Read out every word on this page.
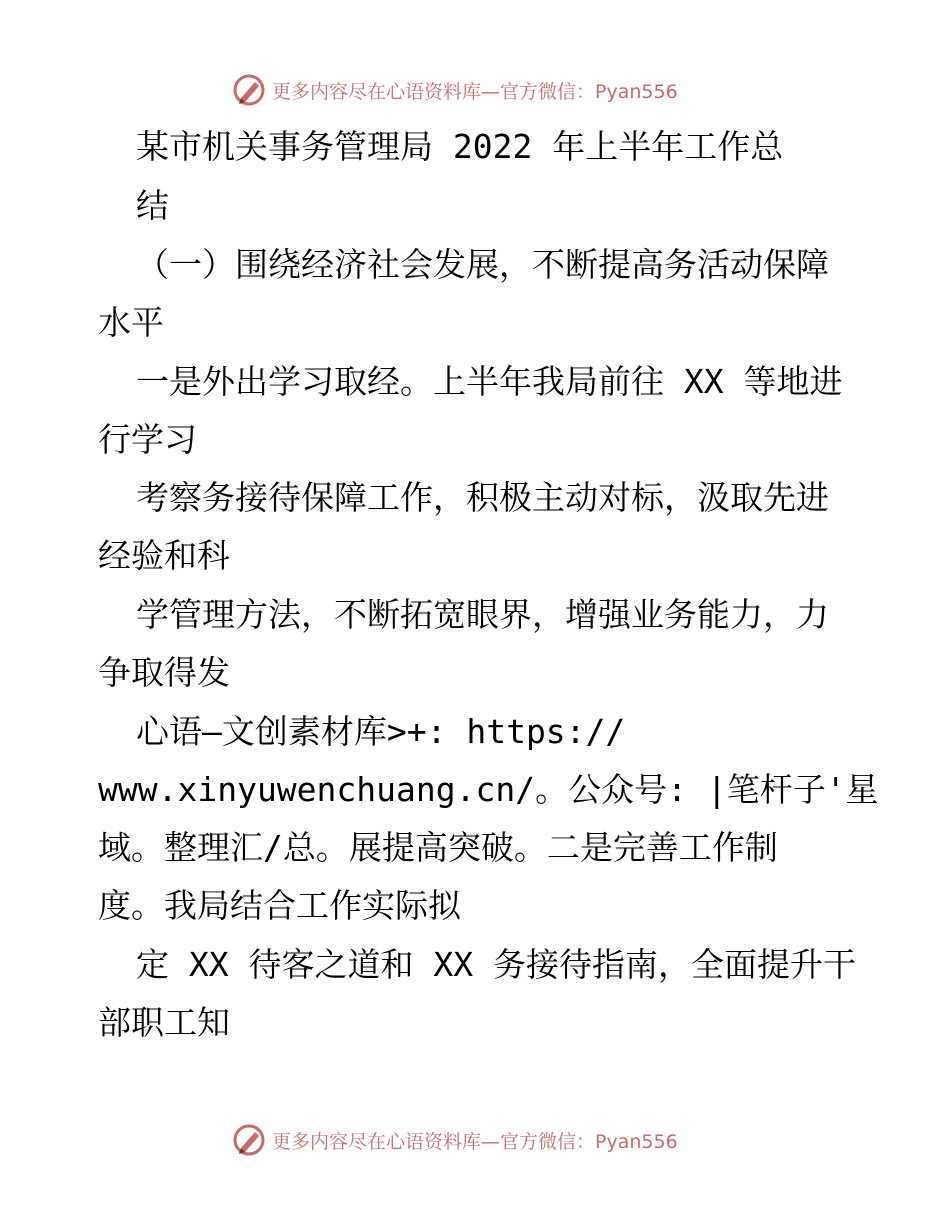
更多内容尽在心语资料库—官方微信：Pyan556
某市机关事务管理局 2022 年上半年工作总
结
（一）围绕经济社会发展，不断提高务活动保障
水平
一是外出学习取经。上半年我局前往 XX 等地进
行学习
考察务接待保障工作，积极主动对标，汲取先进
经验和科
学管理方法，不断拓宽眼界，增强业务能力，力
争取得发
心语—文创素材库>+: https://
www.xinyuwenchuang.cn/。公众号: |笔杆子'星
域。整理汇/总。展提高突破。二是完善工作制
度。我局结合工作实际拟
定 XX 待客之道和 XX 务接待指南，全面提升干
部职工知
更多内容尽在心语资料库—官方微信：Pyan556
